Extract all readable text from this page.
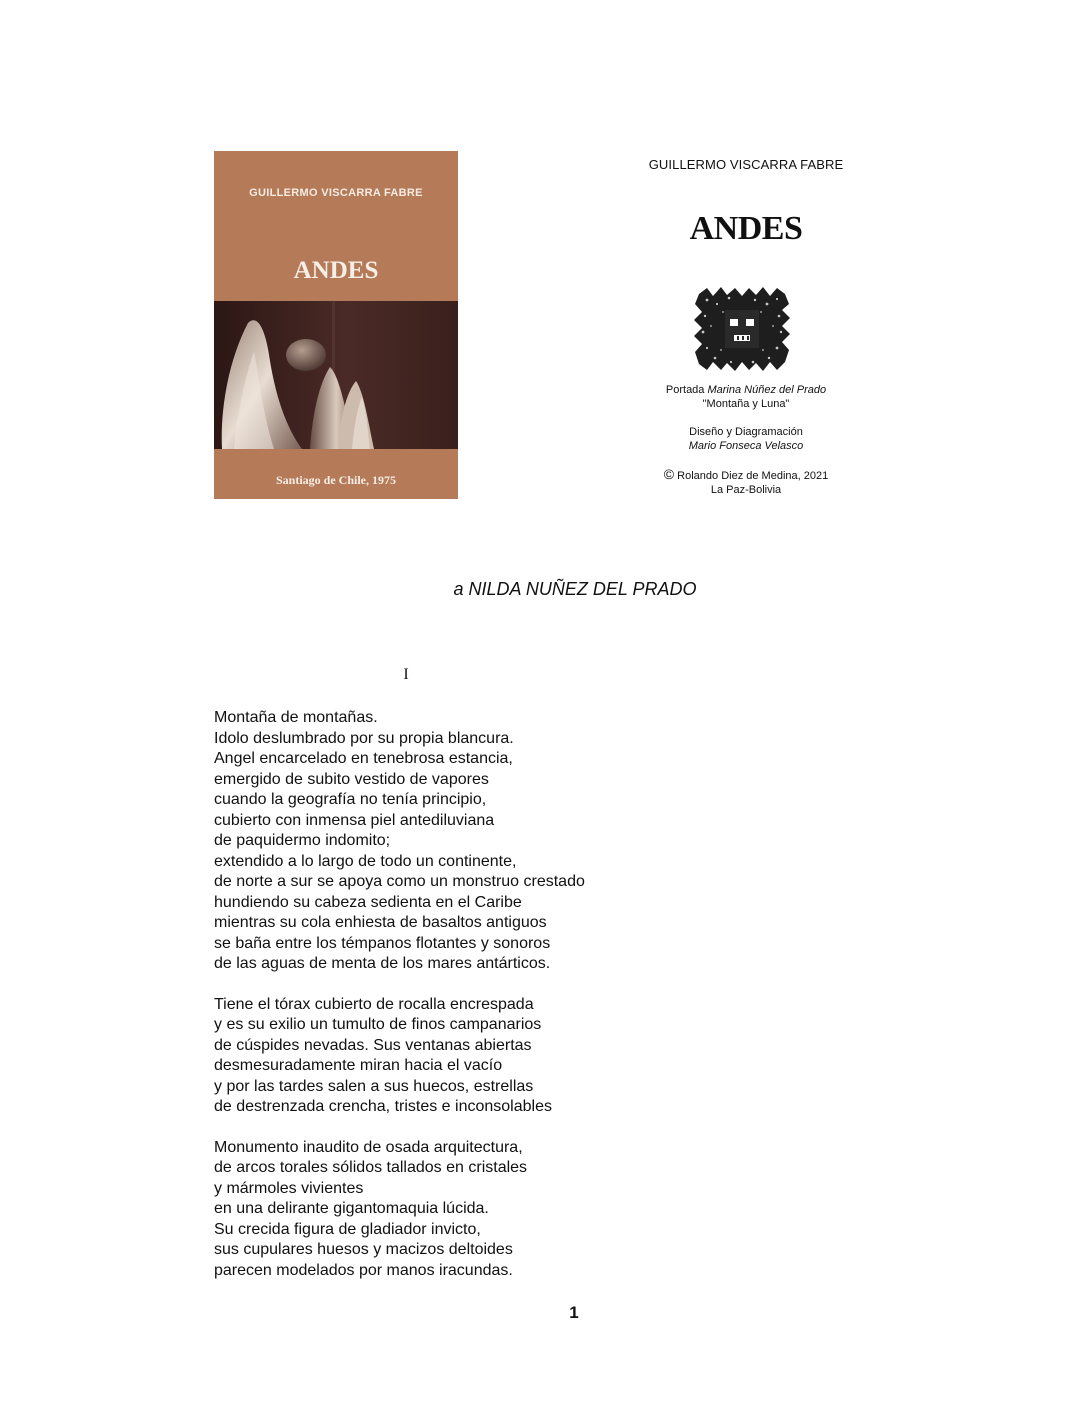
GUILLERMO VISCARRA FABRE
ANDES
Santiago de Chile, 1975
GUILLERMO VISCARRA FABRE
ANDES
Portada Marina Núñez del Prado
"Montaña y Luna"
Diseño y Diagramación
Mario Fonseca Velasco
© Rolando Diez de Medina, 2021
La Paz-Bolivia
a NILDA NUÑEZ DEL PRADO
I
Montaña de montañas.
Idolo deslumbrado por su propia blancura.
Angel encarcelado en tenebrosa estancia,
emergido de subito vestido de vapores
cuando la geografía no tenía principio,
cubierto con inmensa piel antediluviana
de paquidermo indomito;
extendido a lo largo de todo un continente,
de norte a sur se apoya como un monstruo crestado
hundiendo su cabeza sedienta en el Caribe
mientras su cola enhiesta de basaltos antiguos
se baña entre los témpanos flotantes y sonoros
de las aguas de menta de los mares antárticos.
Tiene el tórax cubierto de rocalla encrespada
y es su exilio un tumulto de finos campanarios
de cúspides nevadas. Sus ventanas abiertas
desmesuradamente miran hacia el vacío
y por las tardes salen a sus huecos, estrellas
de destrenzada crencha, tristes e inconsolables
Monumento inaudito de osada arquitectura,
de arcos torales sólidos tallados en cristales
y mármoles vivientes
en una delirante gigantomaquia lúcida.
Su crecida figura de gladiador invicto,
sus cupulares huesos y macizos deltoides
parecen modelados por manos iracundas.
1
